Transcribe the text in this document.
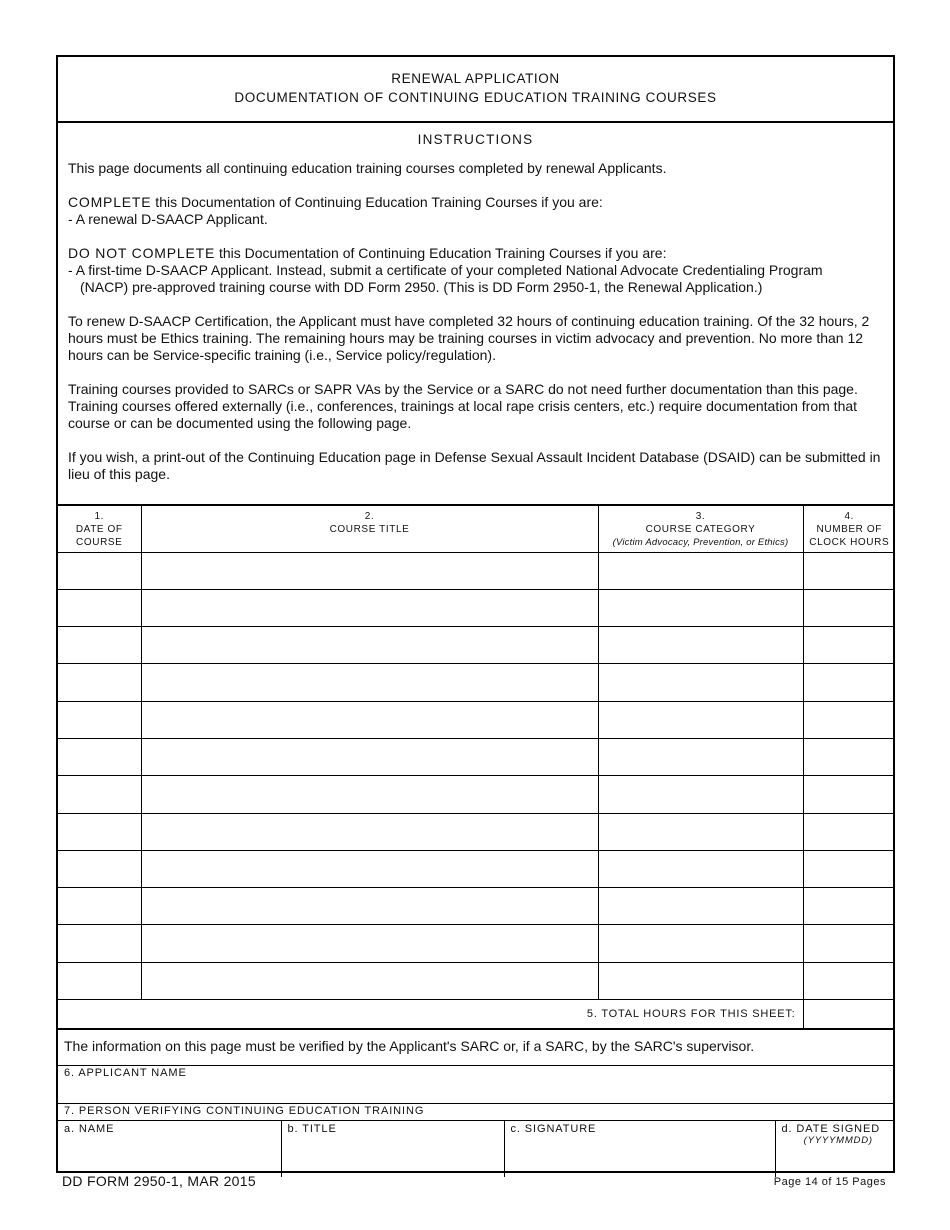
RENEWAL APPLICATION
DOCUMENTATION OF CONTINUING EDUCATION TRAINING COURSES
INSTRUCTIONS

This page documents all continuing education training courses completed by renewal Applicants.

COMPLETE this Documentation of Continuing Education Training Courses if you are:
- A renewal D-SAACP Applicant.

DO NOT COMPLETE this Documentation of Continuing Education Training Courses if you are:
- A first-time D-SAACP Applicant. Instead, submit a certificate of your completed National Advocate Credentialing Program
(NACP) pre-approved training course with DD Form 2950. (This is DD Form 2950-1, the Renewal Application.)

To renew D-SAACP Certification, the Applicant must have completed 32 hours of continuing education training. Of the 32 hours, 2 hours must be Ethics training. The remaining hours may be training courses in victim advocacy and prevention. No more than 12 hours can be Service-specific training (i.e., Service policy/regulation).

Training courses provided to SARCs or SAPR VAs by the Service or a SARC do not need further documentation than this page. Training courses offered externally (i.e., conferences, trainings at local rape crisis centers, etc.) require documentation from that course or can be documented using the following page.

If you wish, a print-out of the Continuing Education page in Defense Sexual Assault Incident Database (DSAID) can be submitted in lieu of this page.

1.
DATE OF
COURSE	2.
COURSE TITLE	3.
COURSE CATEGORY
(Victim Advocacy, Prevention, or Ethics)	4.
NUMBER OF
CLOCK HOURS

5. TOTAL HOURS FOR THIS SHEET:	
The information on this page must be verified by the Applicant's SARC or, if a SARC, by the SARC's supervisor.
6. APPLICANT NAME
7. PERSON VERIFYING CONTINUING EDUCATION TRAINING
a. NAME	b. TITLE	c. SIGNATURE	d. DATE SIGNED
(YYYYMMDD)
DD FORM 2950-1, MAR 2015	Page 14 of 15 Pages
